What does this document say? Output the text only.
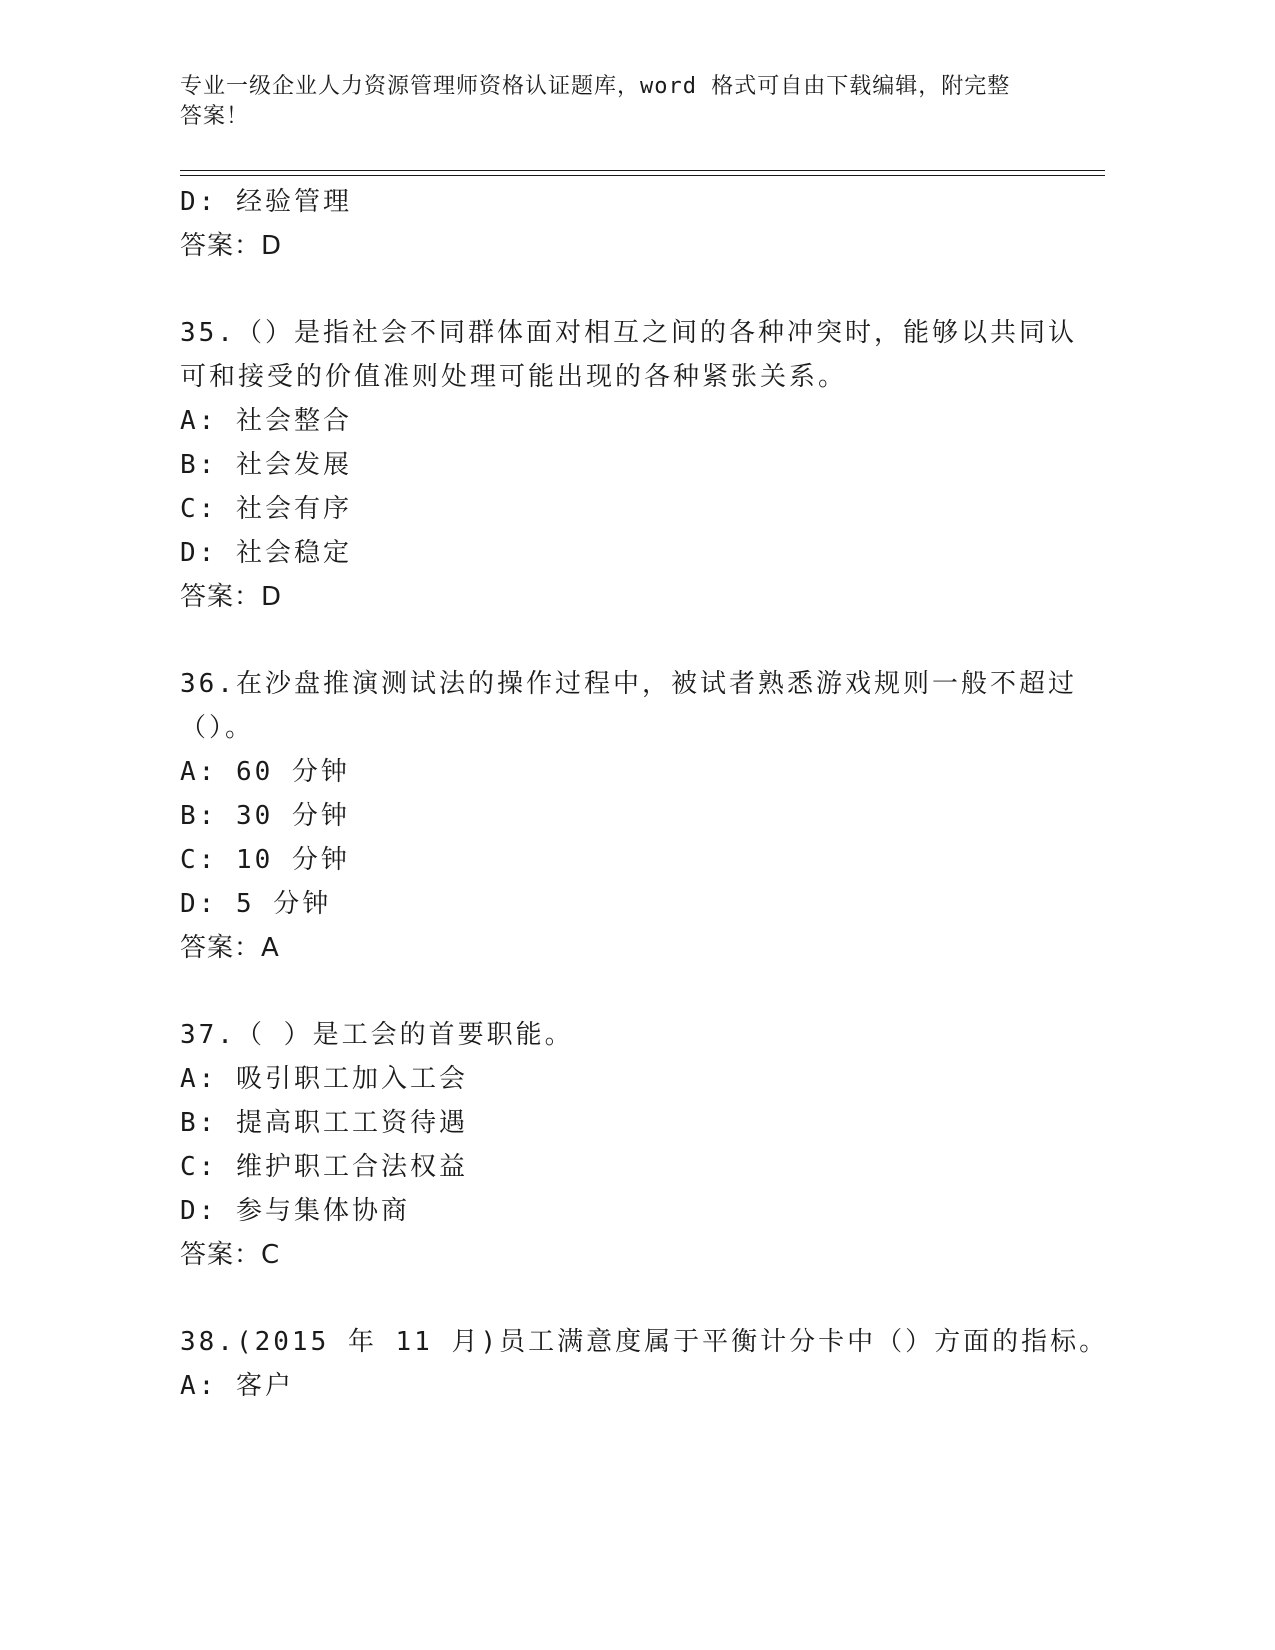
专业一级企业人力资源管理师资格认证题库，word 格式可自由下载编辑，附完整
答案！
D: 经验管理
答案：D
35.（）是指社会不同群体面对相互之间的各种冲突时，能够以共同认
可和接受的价值准则处理可能出现的各种紧张关系。
A: 社会整合
B: 社会发展
C: 社会有序
D: 社会稳定
答案：D
36.在沙盘推演测试法的操作过程中，被试者熟悉游戏规则一般不超过
（）。
A: 60 分钟
B: 30 分钟
C: 10 分钟
D: 5 分钟
答案：A
37.（ ）是工会的首要职能。
A: 吸引职工加入工会
B: 提高职工工资待遇
C: 维护职工合法权益
D: 参与集体协商
答案：C
38.(2015 年 11 月)员工满意度属于平衡计分卡中（）方面的指标。
A: 客户
